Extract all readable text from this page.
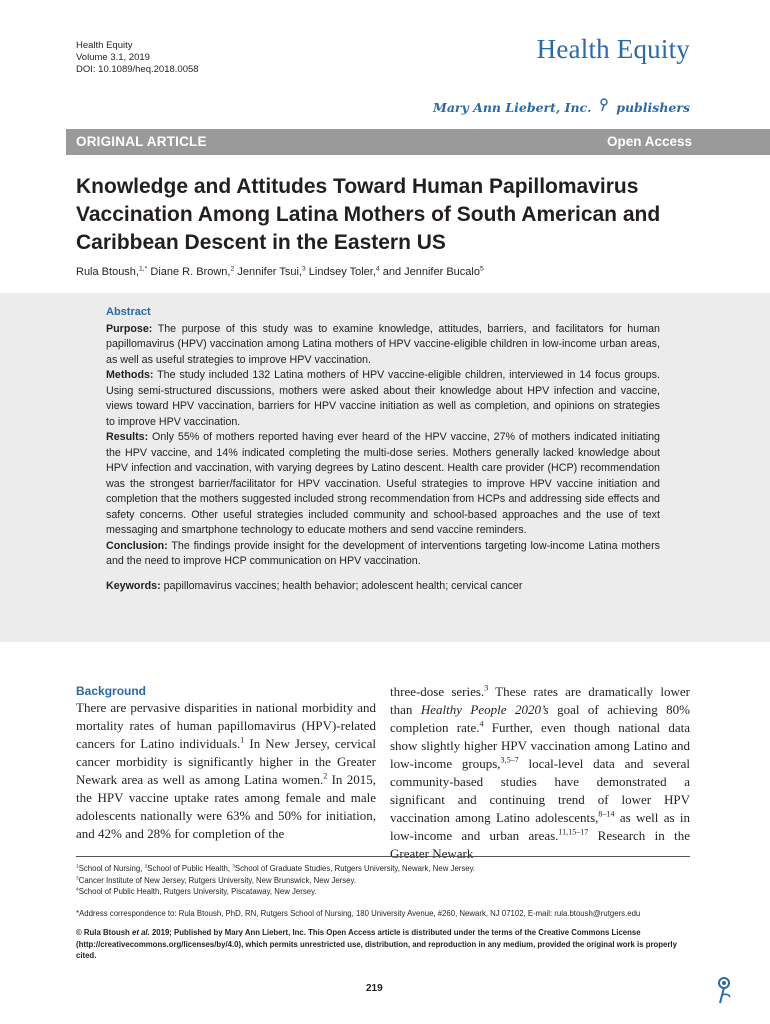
Health Equity
Volume 3.1, 2019
DOI: 10.1089/heq.2018.0058
Health Equity
Mary Ann Liebert, Inc. publishers
ORIGINAL ARTICLE	Open Access
Knowledge and Attitudes Toward Human Papillomavirus Vaccination Among Latina Mothers of South American and Caribbean Descent in the Eastern US
Rula Btoush,$^{1,*}$ Diane R. Brown,$^2$ Jennifer Tsui,$^3$ Lindsey Toler,$^4$ and Jennifer Bucalo$^5$
Abstract

Purpose: The purpose of this study was to examine knowledge, attitudes, barriers, and facilitators for human papillomavirus (HPV) vaccination among Latina mothers of HPV vaccine-eligible children in low-income urban areas, as well as useful strategies to improve HPV vaccination.

Methods: The study included 132 Latina mothers of HPV vaccine-eligible children, interviewed in 14 focus groups. Using semi-structured discussions, mothers were asked about their knowledge about HPV infection and vaccine, views toward HPV vaccination, barriers for HPV vaccine initiation as well as completion, and opinions on strategies to improve HPV vaccination.

Results: Only 55% of mothers reported having ever heard of the HPV vaccine, 27% of mothers indicated initiating the HPV vaccine, and 14% indicated completing the multi-dose series. Mothers generally lacked knowledge about HPV infection and vaccination, with varying degrees by Latino descent. Health care provider (HCP) recommendation was the strongest barrier/facilitator for HPV vaccination. Useful strategies to improve HPV vaccine initiation and completion that the mothers suggested included strong recommendation from HCPs and addressing side effects and safety concerns. Other useful strategies included community and school-based approaches and the use of text messaging and smartphone technology to educate mothers and send vaccine reminders.

Conclusion: The findings provide insight for the development of interventions targeting low-income Latina mothers and the need to improve HCP communication on HPV vaccination.

Keywords: papillomavirus vaccines; health behavior; adolescent health; cervical cancer

Background

There are pervasive disparities in national morbidity and mortality rates of human papillomavirus (HPV)-related cancers for Latino individuals.$^1$ In New Jersey, cervical cancer morbidity is significantly higher in the Greater Newark area as well as among Latina women.$^2$ In 2015, the HPV vaccine uptake rates among female and male adolescents nationally were 63% and 50% for initiation, and 42% and 28% for completion of the

three-dose series.$^3$ These rates are dramatically lower than Healthy People 2020’s goal of achieving 80% completion rate.$^4$ Further, even though national data show slightly higher HPV vaccination among Latino and low-income groups,$^{3,5-7}$ local-level data and several community-based studies have demonstrated a significant and continuing trend of lower HPV vaccination among Latino adolescents,$^{8-14}$ as well as in low-income and urban areas.$^{11,15-17}$ Research in the Greater Newark

$^1$School of Nursing, $^2$School of Public Health, $^3$School of Graduate Studies, Rutgers University, Newark, New Jersey.
$^3$Cancer Institute of New Jersey, Rutgers University, New Brunswick, New Jersey.
$^4$School of Public Health, Rutgers University, Piscataway, New Jersey.
*Address correspondence to: Rula Btoush, PhD, RN, Rutgers School of Nursing, 180 University Avenue, #260, Newark, NJ 07102, E-mail: rula.btoush@rutgers.edu
© Rula Btoush et al. 2019; Published by Mary Ann Liebert, Inc. This Open Access article is distributed under the terms of the Creative Commons License (http://creativecommons.org/licenses/by/4.0), which permits unrestricted use, distribution, and reproduction in any medium, provided the original work is properly cited.
219
